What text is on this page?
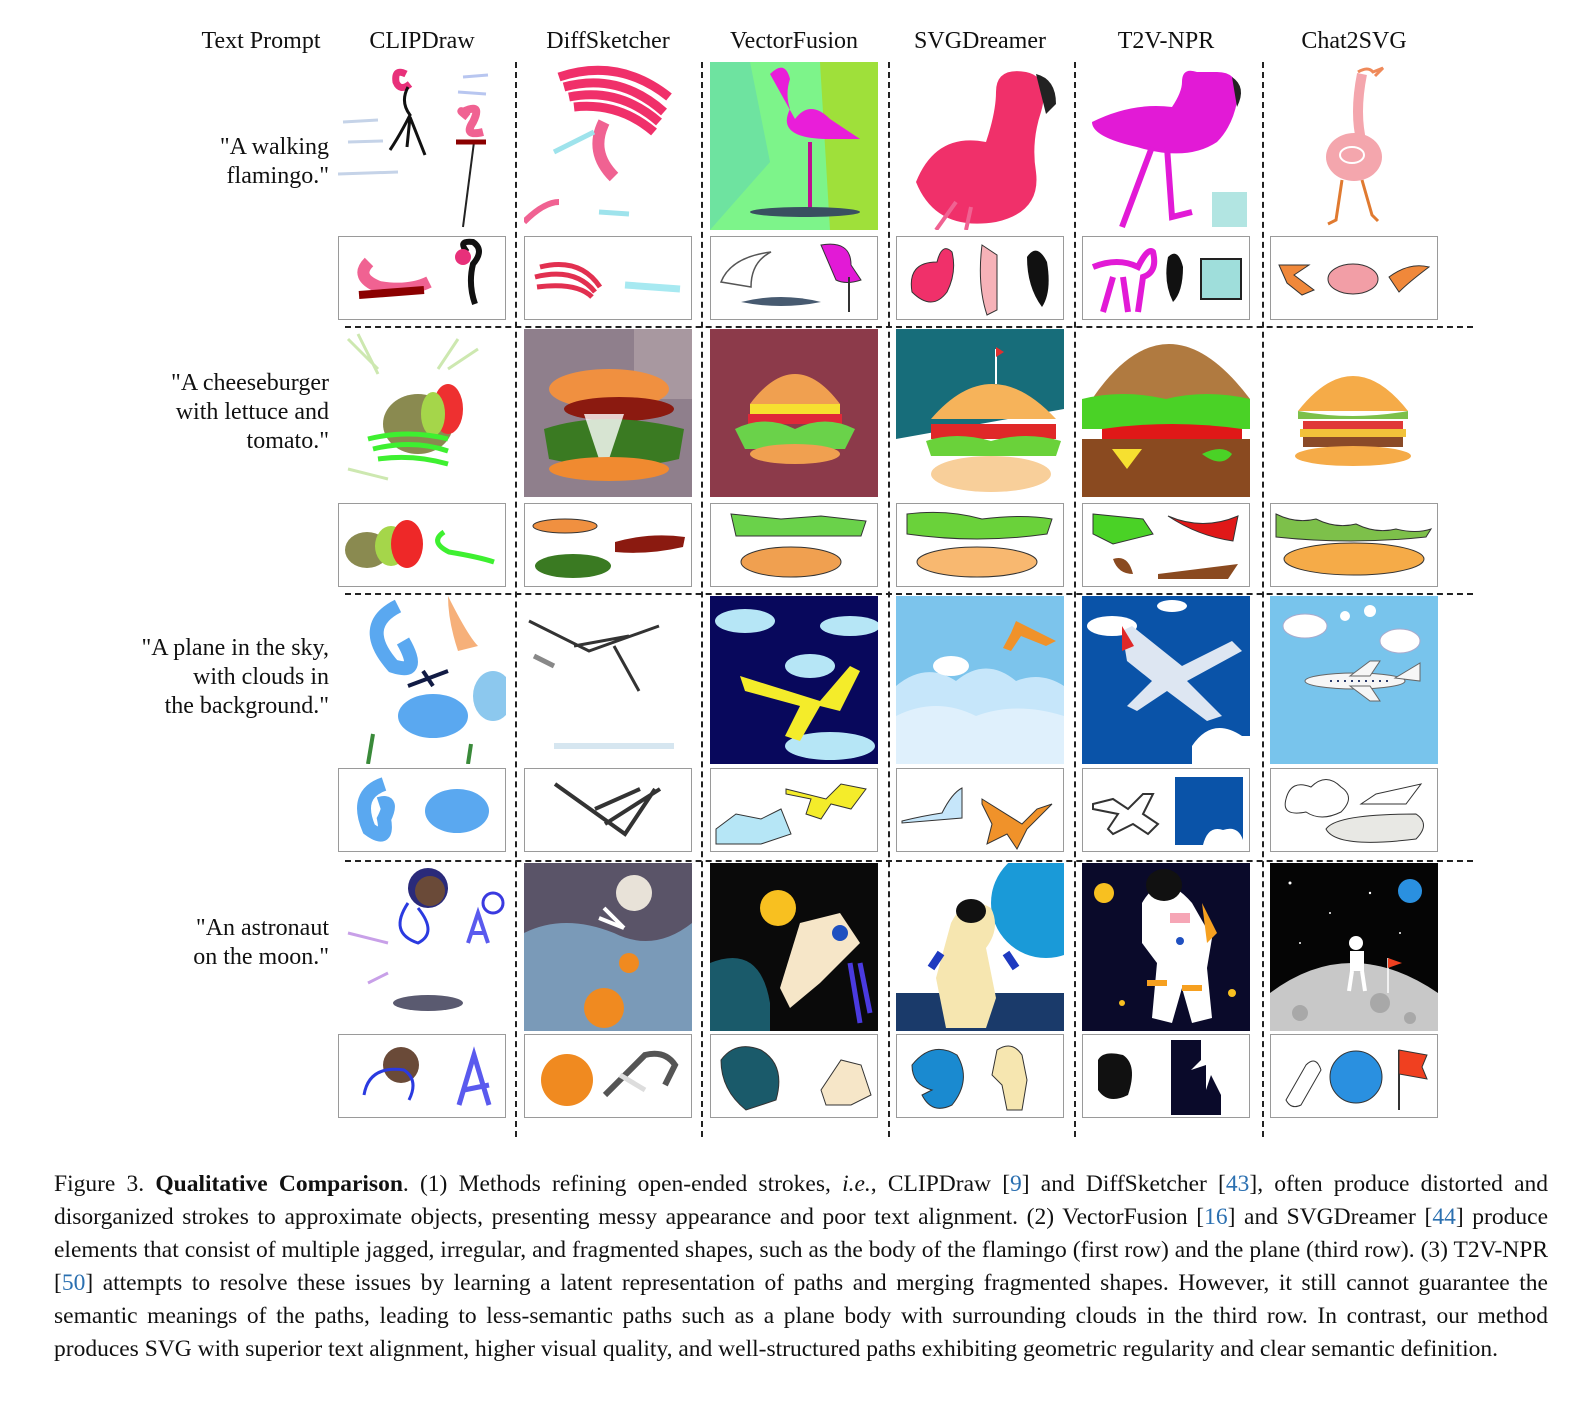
Text Prompt	CLIPDraw	DiffSketcher	VectorFusion	SVGDreamer	T2V-NPR	Chat2SVG
"A walking
flamingo."
"A cheeseburger
with lettuce and
tomato."
"A plane in the sky,
with clouds in
the background."
"An astronaut
on the moon."
Figure 3. Qualitative Comparison. (1) Methods refining open-ended strokes, i.e., CLIPDraw [9] and DiffSketcher [43], often produce distorted and disorganized strokes to approximate objects, presenting messy appearance and poor text alignment. (2) VectorFusion [16] and SVGDreamer [44] produce elements that consist of multiple jagged, irregular, and fragmented shapes, such as the body of the flamingo (first row) and the plane (third row). (3) T2V-NPR [50] attempts to resolve these issues by learning a latent representation of paths and merging fragmented shapes. However, it still cannot guarantee the semantic meanings of the paths, leading to less-semantic paths such as a plane body with surrounding clouds in the third row. In contrast, our method produces SVG with superior text alignment, higher visual quality, and well-structured paths exhibiting geometric regularity and clear semantic definition.
